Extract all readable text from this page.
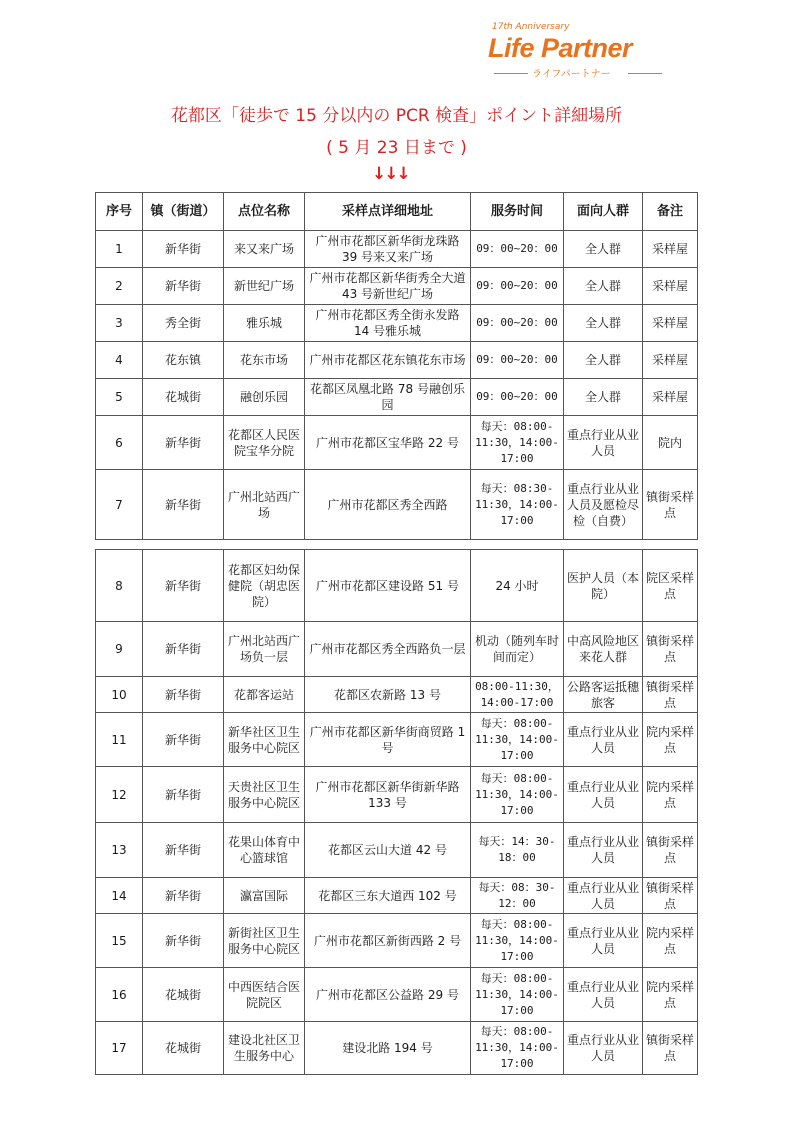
17th Anniversary
Life Partner
ライフパートナー
花都区「徒歩で 15 分以内の PCR 検査」ポイント詳細場所
( 5 月 23 日まで )
↓↓↓
序号	镇（街道）	点位名称	采样点详细地址	服务时间	面向人群	备注
1	新华街	来又来广场	广州市花都区新华街龙珠路 39 号来又来广场	09：00~20：00	全人群	采样屋
2	新华街	新世纪广场	广州市花都区新华街秀全大道 43 号新世纪广场	09：00~20：00	全人群	采样屋
3	秀全街	雅乐城	广州市花都区秀全街永发路 14 号雅乐城	09：00~20：00	全人群	采样屋
4	花东镇	花东市场	广州市花都区花东镇花东市场	09：00~20：00	全人群	采样屋
5	花城街	融创乐园	花都区凤凰北路 78 号融创乐园	09：00~20：00	全人群	采样屋
6	新华街	花都区人民医院宝华分院	广州市花都区宝华路 22 号	每天：08:00-11:30，14:00-17:00	重点行业从业人员	院内
7	新华街	广州北站西广场	广州市花都区秀全西路	每天：08:30-11:30，14:00-17:00	重点行业从业人员及愿检尽检（自费）	镇街采样点
8	新华街	花都区妇幼保健院（胡忠医院）	广州市花都区建设路 51 号	24 小时	医护人员（本院）	院区采样点
9	新华街	广州北站西广场负一层	广州市花都区秀全西路负一层	机动（随列车时间而定）	中高风险地区来花人群	镇街采样点
10	新华街	花都客运站	花都区农新路 13 号	08:00-11:30，14:00-17:00	公路客运抵穗旅客	镇街采样点
11	新华街	新华社区卫生服务中心院区	广州市花都区新华街商贸路 1 号	每天：08:00-11:30，14:00-17:00	重点行业从业人员	院内采样点
12	新华街	天贵社区卫生服务中心院区	广州市花都区新华街新华路 133 号	每天：08:00-11:30，14:00-17:00	重点行业从业人员	院内采样点
13	新华街	花果山体育中心篮球馆	花都区云山大道 42 号	每天：14：30-18：00	重点行业从业人员	镇街采样点
14	新华街	瀛富国际	花都区三东大道西 102 号	每天：08：30-12：00	重点行业从业人员	镇街采样点
15	新华街	新街社区卫生服务中心院区	广州市花都区新街西路 2 号	每天：08:00-11:30，14:00-17:00	重点行业从业人员	院内采样点
16	花城街	中西医结合医院院区	广州市花都区公益路 29 号	每天：08:00-11:30，14:00-17:00	重点行业从业人员	院内采样点
17	花城街	建设北社区卫生服务中心	建设北路 194 号	每天：08:00-11:30，14:00-17:00	重点行业从业人员	镇街采样点
